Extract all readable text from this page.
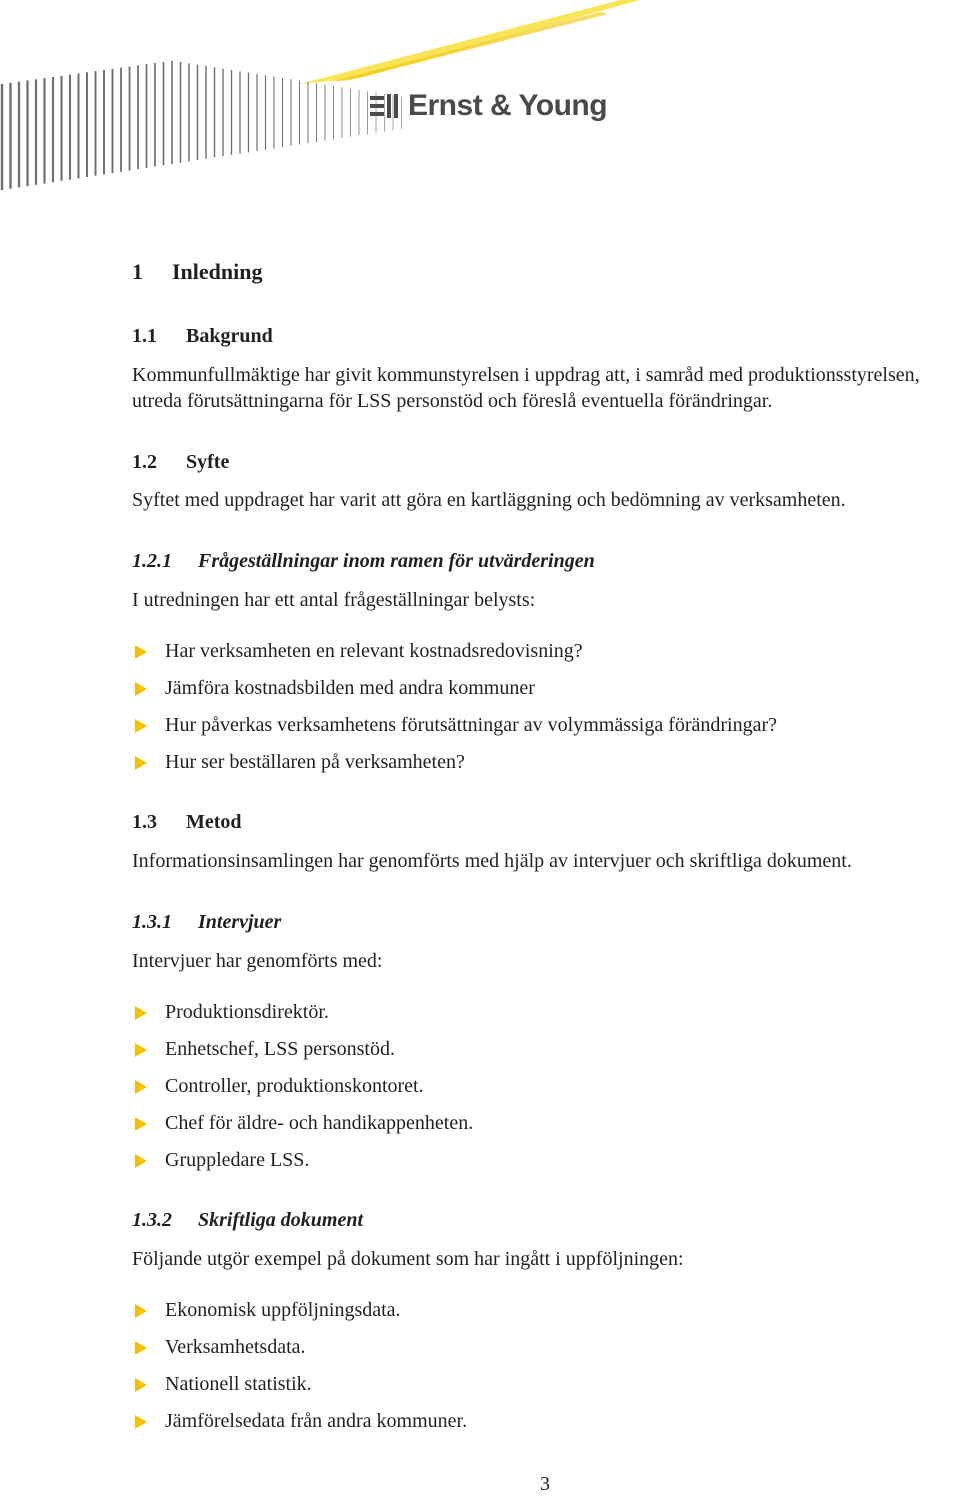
Ernst & Young
1 Inledning
1.1 Bakgrund
Kommunfullmäktige har givit kommunstyrelsen i uppdrag att, i samråd med produktionsstyrelsen, utreda förutsättningarna för LSS personstöd och föreslå eventuella förändringar.
1.2 Syfte
Syftet med uppdraget har varit att göra en kartläggning och bedömning av verksamheten.
1.2.1 Frågeställningar inom ramen för utvärderingen
I utredningen har ett antal frågeställningar belysts:
Har verksamheten en relevant kostnadsredovisning?
Jämföra kostnadsbilden med andra kommuner
Hur påverkas verksamhetens förutsättningar av volymmässiga förändringar?
Hur ser beställaren på verksamheten?
1.3 Metod
Informationsinsamlingen har genomförts med hjälp av intervjuer och skriftliga dokument.
1.3.1 Intervjuer
Intervjuer har genomförts med:
Produktionsdirektör.
Enhetschef, LSS personstöd.
Controller, produktionskontoret.
Chef för äldre- och handikappenheten.
Gruppledare LSS.
1.3.2 Skriftliga dokument
Följande utgör exempel på dokument som har ingått i uppföljningen:
Ekonomisk uppföljningsdata.
Verksamhetsdata.
Nationell statistik.
Jämförelsedata från andra kommuner.
3
